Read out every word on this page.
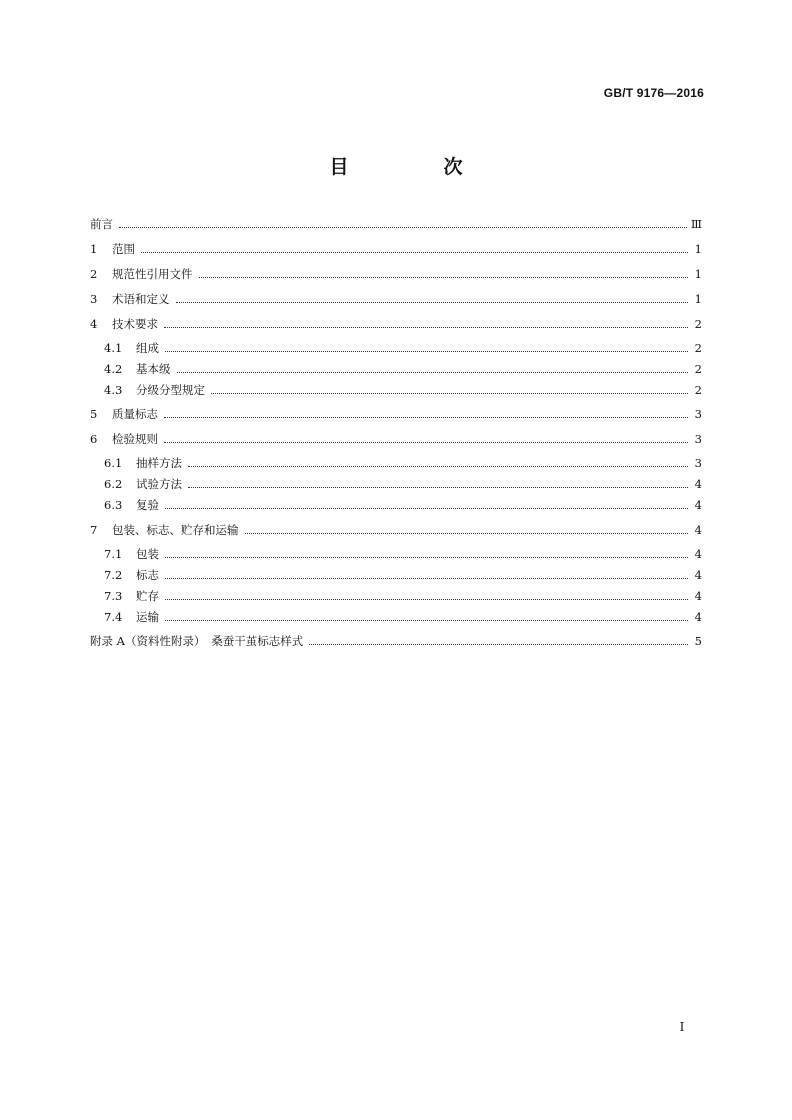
GB/T 9176—2016
目　次
前言	Ⅲ
1	范围	1
2	规范性引用文件	1
3	术语和定义	1
4	技术要求	2
4.1	组成	2
4.2	基本级	2
4.3	分级分型规定	2
5	质量标志	3
6	检验规则	3
6.1	抽样方法	3
6.2	试验方法	4
6.3	复验	4
7	包装、标志、贮存和运输	4
7.1	包装	4
7.2	标志	4
7.3	贮存	4
7.4	运输	4
附录 A（资料性附录）　桑蚕干茧标志样式	5
I
